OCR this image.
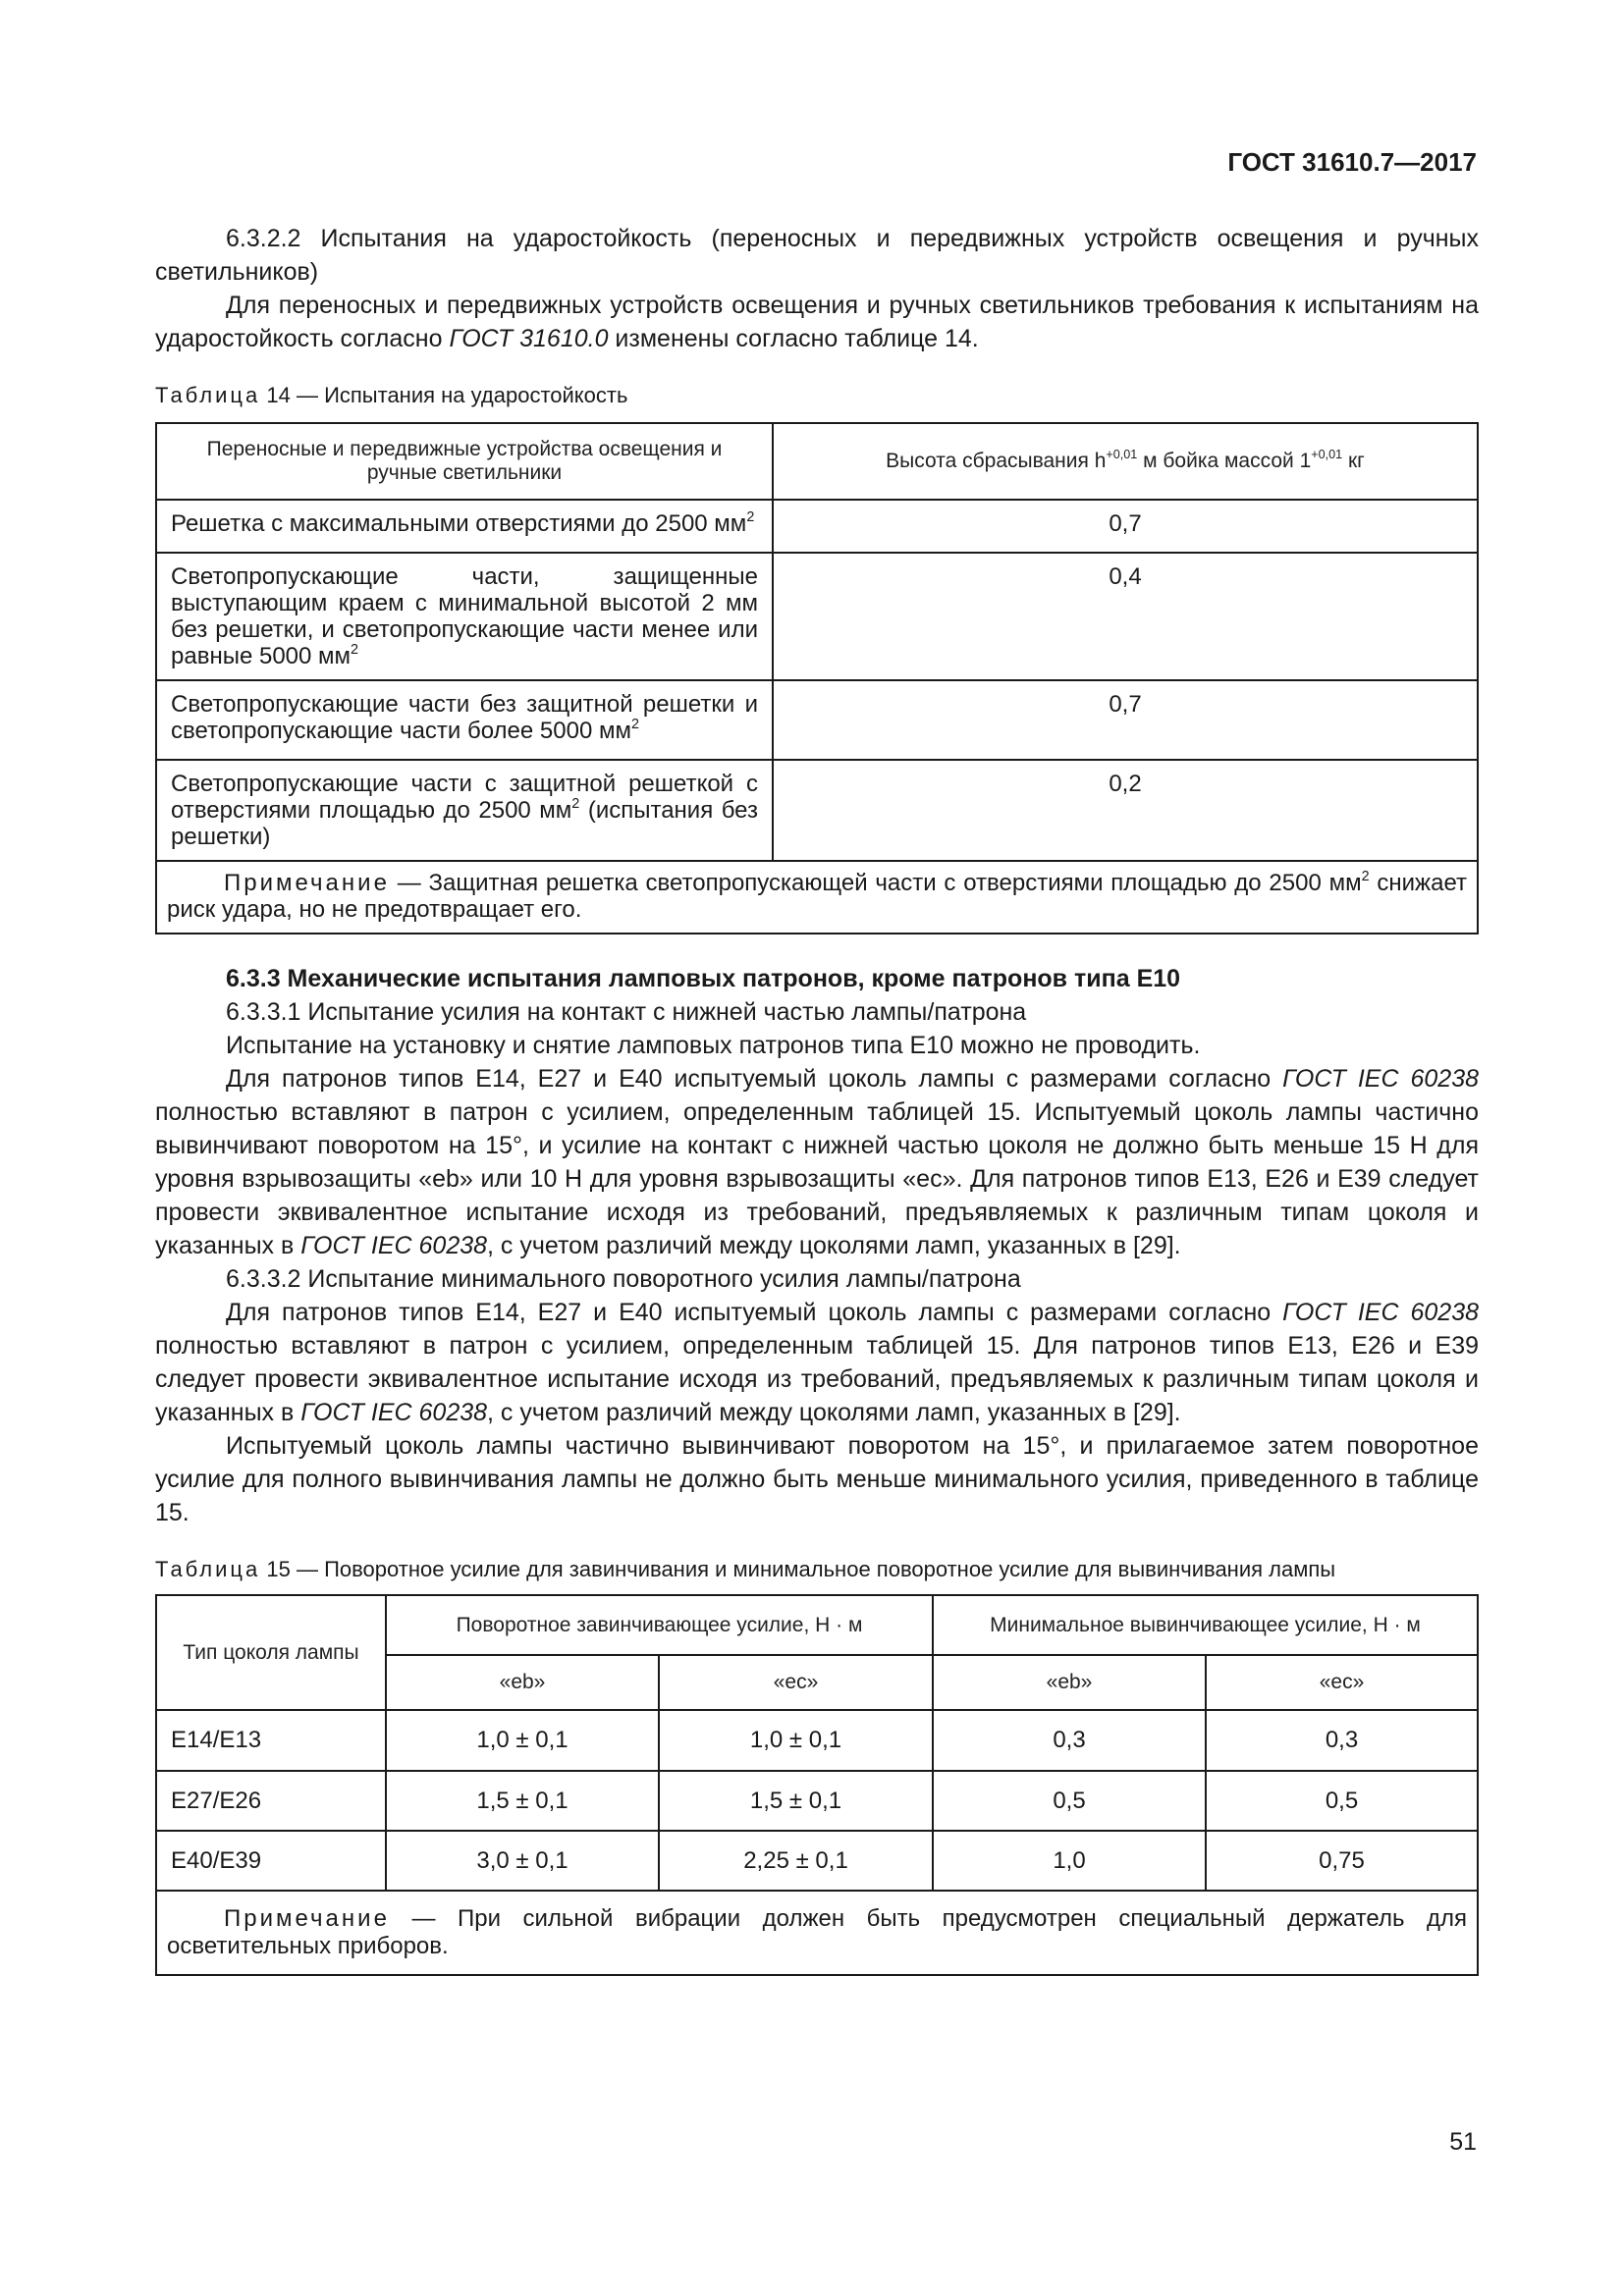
ГОСТ 31610.7—2017

6.3.2.2 Испытания на ударостойкость (переносных и передвижных устройств освещения и ручных светильников)

Для переносных и передвижных устройств освещения и ручных светильников требования к испытаниям на ударостойкость согласно ГОСТ 31610.0 изменены согласно таблице 14.

Таблица 14 — Испытания на ударостойкость
Переносные и передвижные устройства освещения и ручные светильники	Высота сбрасывания $h^{+0,01}$ м бойка массой $1^{+0,01}$ кг
Решетка с максимальными отверстиями до 2500 $мм^2$	0,7
Светопропускающие части, защищенные выступающим краем с минимальной высотой 2 мм без решетки, и светопропускающие части менее или равные 5000 $мм^2$	0,4
Светопропускающие части без защитной решетки и светопропускающие части более 5000 $мм^2$	0,7
Светопропускающие части с защитной решеткой с отверстиями площадью до 2500 $мм^2$ (испытания без решетки)	0,2
Примечание — Защитная решетка светопропускающей части с отверстиями площадью до 2500 $мм^2$ снижает риск удара, но не предотвращает его.	

6.3.3 Механические испытания ламповых патронов, кроме патронов типа Е10

6.3.3.1 Испытание усилия на контакт с нижней частью лампы/патрона

Испытание на установку и снятие ламповых патронов типа Е10 можно не проводить.

Для патронов типов Е14, Е27 и Е40 испытуемый цоколь лампы с размерами согласно ГОСТ IEC 60238 полностью вставляют в патрон с усилием, определенным таблицей 15. Испытуемый цоколь лампы частично вывинчивают поворотом на 15°, и усилие на контакт с нижней частью цоколя не должно быть меньше 15 Н для уровня взрывозащиты «eb» или 10 Н для уровня взрывозащиты «ec». Для патронов типов Е13, Е26 и Е39 следует провести эквивалентное испытание исходя из требований, предъявляемых к различным типам цоколя и указанных в ГОСТ IEC 60238, с учетом различий между цоколями ламп, указанных в [29].

6.3.3.2 Испытание минимального поворотного усилия лампы/патрона

Для патронов типов Е14, Е27 и Е40 испытуемый цоколь лампы с размерами согласно ГОСТ IEC 60238 полностью вставляют в патрон с усилием, определенным таблицей 15. Для патронов типов Е13, Е26 и Е39 следует провести эквивалентное испытание исходя из требований, предъявляемых к различным типам цоколя и указанных в ГОСТ IEC 60238, с учетом различий между цоколями ламп, указанных в [29].

Испытуемый цоколь лампы частично вывинчивают поворотом на 15°, и прилагаемое затем поворотное усилие для полного вывинчивания лампы не должно быть меньше минимального усилия, приведенного в таблице 15.

Таблица 15 — Поворотное усилие для завинчивания и минимальное поворотное усилие для вывинчивания лампы
Тип цоколя лампы	Поворотное завинчивающее усилие, Н · м		Минимальное вывинчивающее усилие, Н · м	
	«eb»	«ec»	«eb»	«ec»
Е14/Е13	1,0 ± 0,1	1,0 ± 0,1	0,3	0,3
Е27/Е26	1,5 ± 0,1	1,5 ± 0,1	0,5	0,5
Е40/Е39	3,0 ± 0,1	2,25 ± 0,1	1,0	0,75
Примечание — При сильной вибрации должен быть предусмотрен специальный держатель для осветительных приборов.				
51
